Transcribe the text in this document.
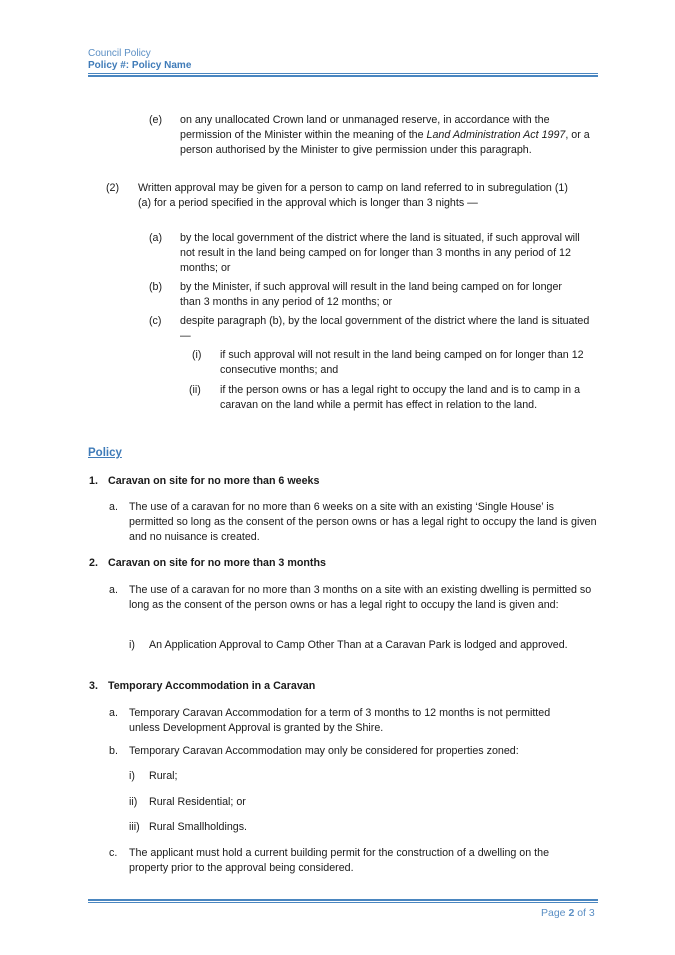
Council Policy
Policy #: Policy Name
(e) on any unallocated Crown land or unmanaged reserve, in accordance with the permission of the Minister within the meaning of the Land Administration Act 1997, or a person authorised by the Minister to give permission under this paragraph.
(2) Written approval may be given for a person to camp on land referred to in subregulation (1)(a) for a period specified in the approval which is longer than 3 nights —
(a) by the local government of the district where the land is situated, if such approval will not result in the land being camped on for longer than 3 months in any period of 12 months; or
(b) by the Minister, if such approval will result in the land being camped on for longer than 3 months in any period of 12 months; or
(c) despite paragraph (b), by the local government of the district where the land is situated —
(i) if such approval will not result in the land being camped on for longer than 12 consecutive months; and
(ii) if the person owns or has a legal right to occupy the land and is to camp in a caravan on the land while a permit has effect in relation to the land.
Policy
1. Caravan on site for no more than 6 weeks
a. The use of a caravan for no more than 6 weeks on a site with an existing ‘Single House’ is permitted so long as the consent of the person owns or has a legal right to occupy the land is given and no nuisance is created.
2. Caravan on site for no more than 3 months
a. The use of a caravan for no more than 3 months on a site with an existing dwelling is permitted so long as the consent of the person owns or has a legal right to occupy the land is given and:
i) An Application Approval to Camp Other Than at a Caravan Park is lodged and approved.
3. Temporary Accommodation in a Caravan
a. Temporary Caravan Accommodation for a term of 3 months to 12 months is not permitted unless Development Approval is granted by the Shire.
b. Temporary Caravan Accommodation may only be considered for properties zoned:
i) Rural;
ii) Rural Residential; or
iii) Rural Smallholdings.
c. The applicant must hold a current building permit for the construction of a dwelling on the property prior to the approval being considered.
Page 2 of 3
